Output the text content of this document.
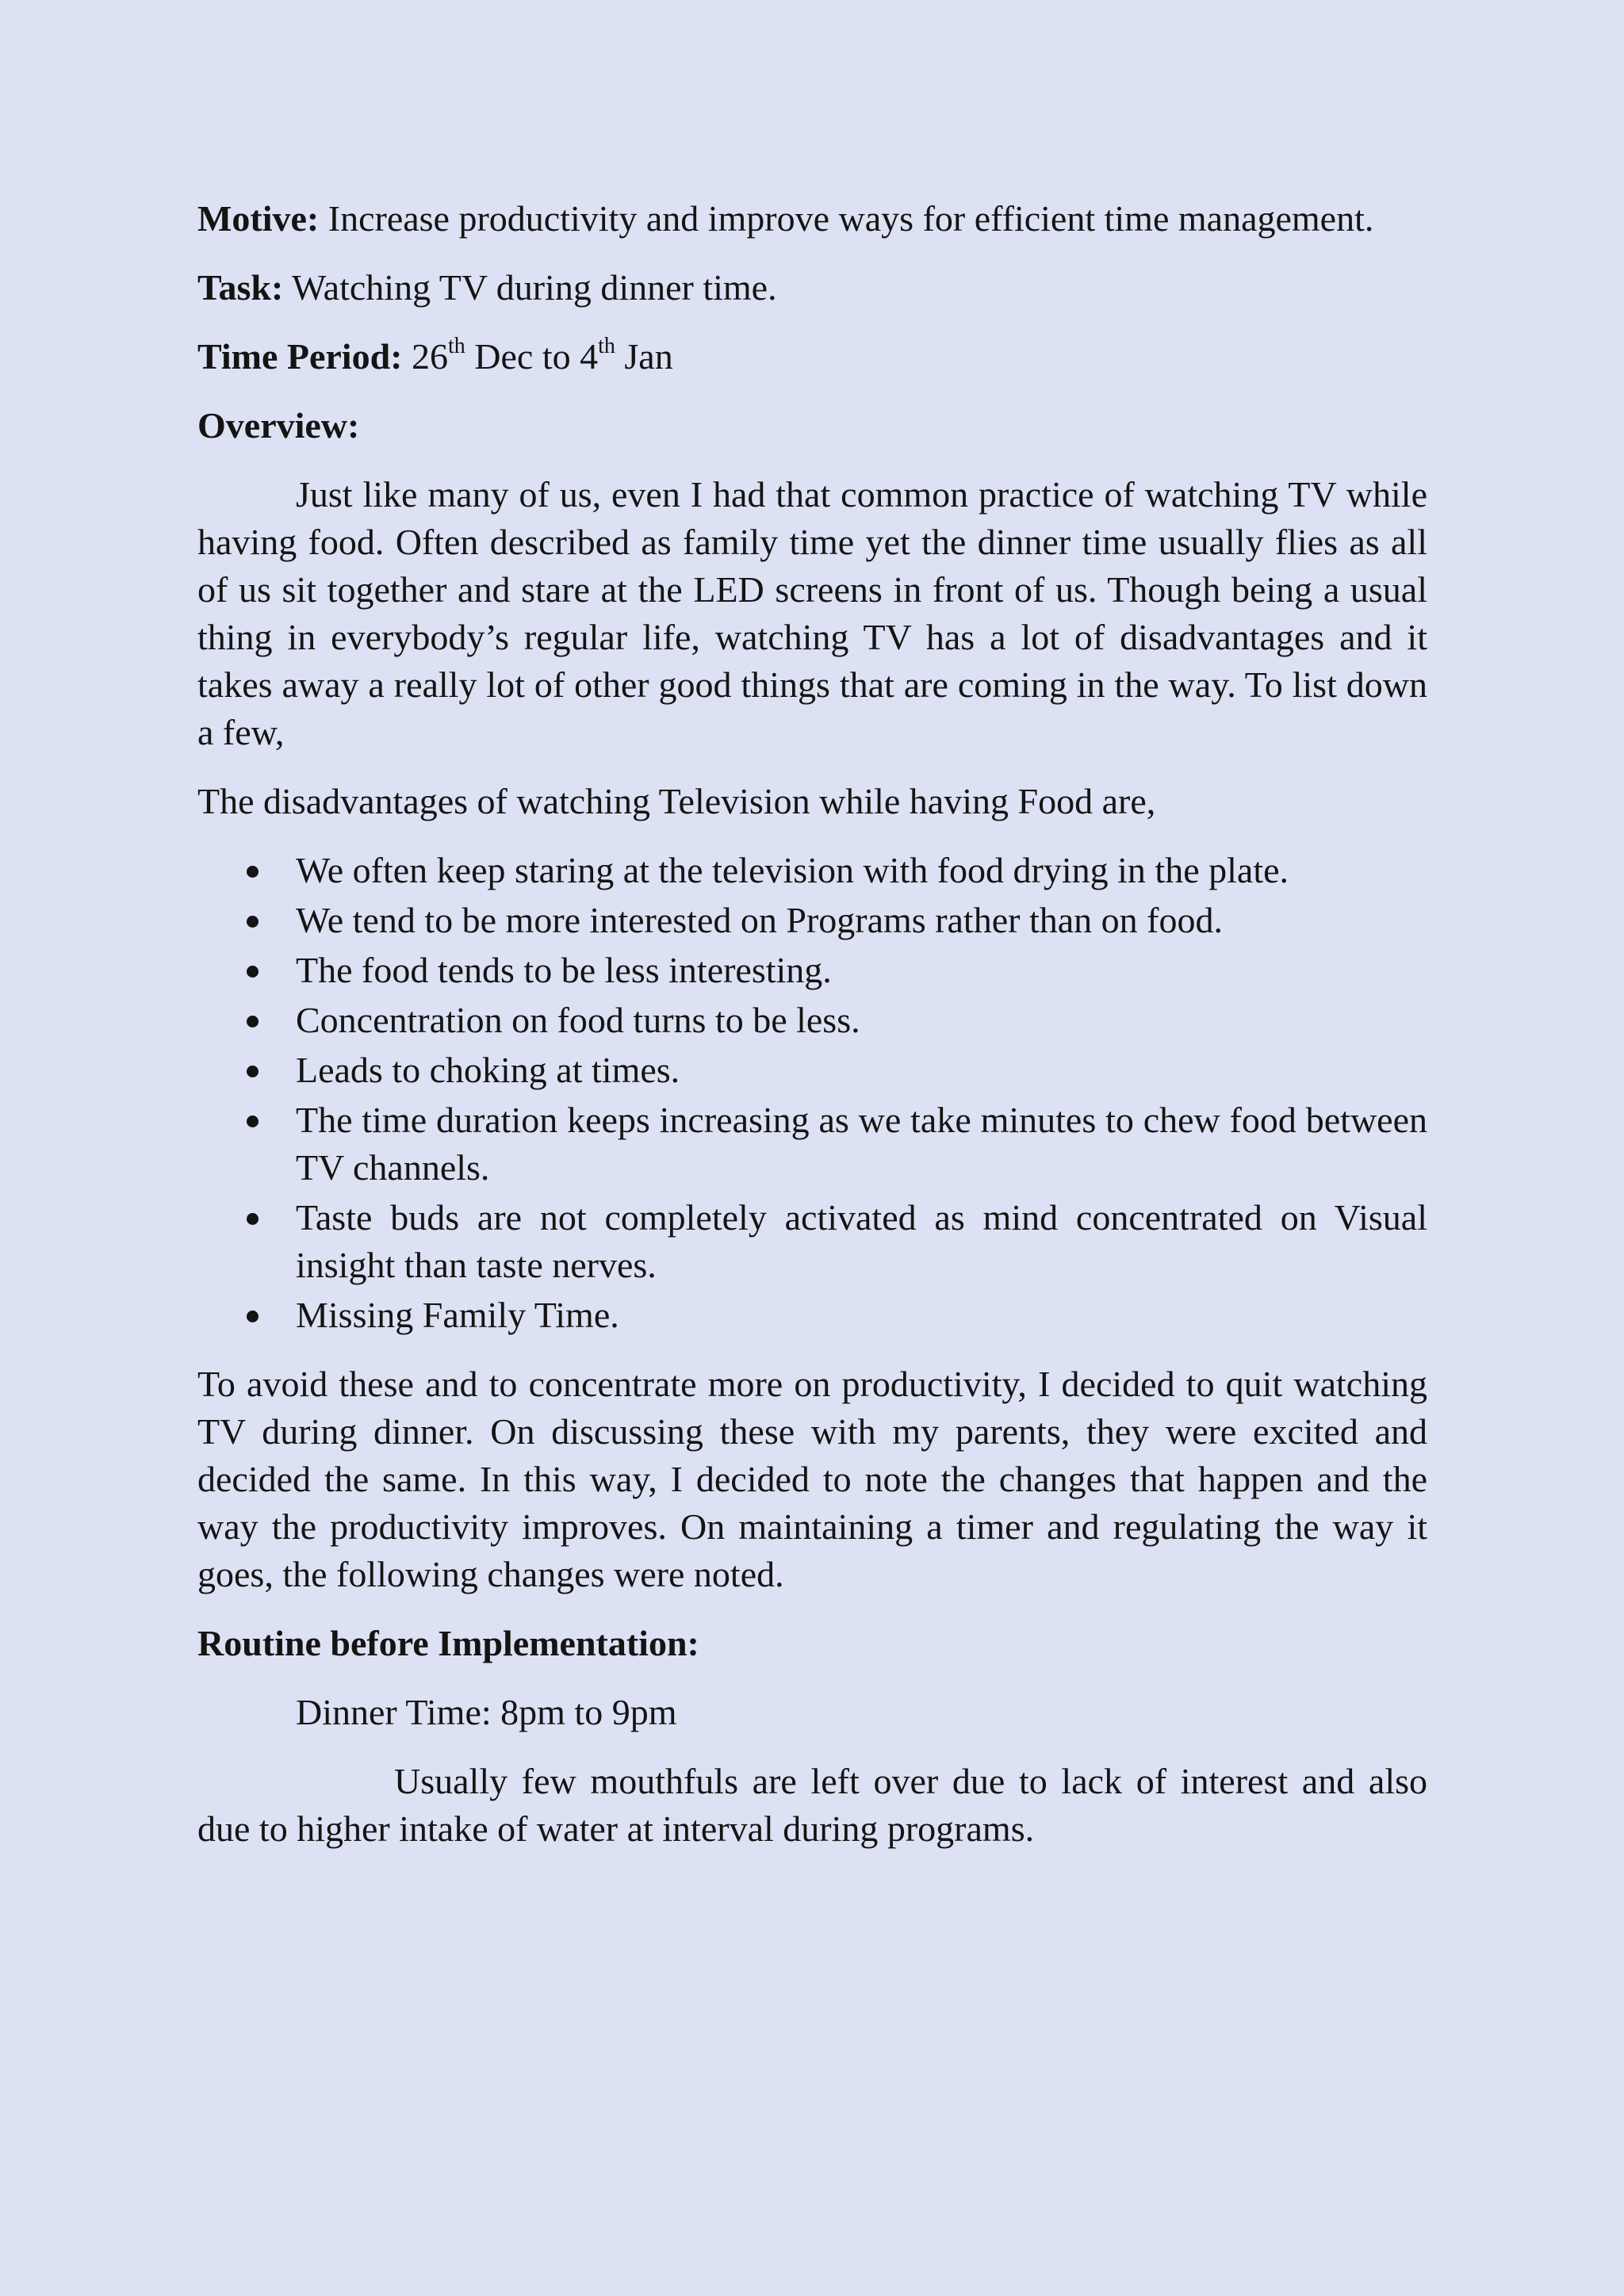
Motive: Increase productivity and improve ways for efficient time management.

Task: Watching TV during dinner time.

Time Period: 26th Dec to 4th Jan

Overview:

Just like many of us, even I had that common practice of watching TV while having food. Often described as family time yet the dinner time usually flies as all of us sit together and stare at the LED screens in front of us. Though being a usual thing in everybody’s regular life, watching TV has a lot of disadvantages and it takes away a really lot of other good things that are coming in the way. To list down a few,

The disadvantages of watching Television while having Food are,

We often keep staring at the television with food drying in the plate.
We tend to be more interested on Programs rather than on food.
The food tends to be less interesting.
Concentration on food turns to be less.
Leads to choking at times.
The time duration keeps increasing as we take minutes to chew food between TV channels.
Taste buds are not completely activated as mind concentrated on Visual insight than taste nerves.
Missing Family Time.

To avoid these and to concentrate more on productivity, I decided to quit watching TV during dinner. On discussing these with my parents, they were excited and decided the same. In this way, I decided to note the changes that happen and the way the productivity improves. On maintaining a timer and regulating the way it goes, the following changes were noted.

Routine before Implementation:

Dinner Time: 8pm to 9pm

Usually few mouthfuls are left over due to lack of interest and also due to higher intake of water at interval during programs.
